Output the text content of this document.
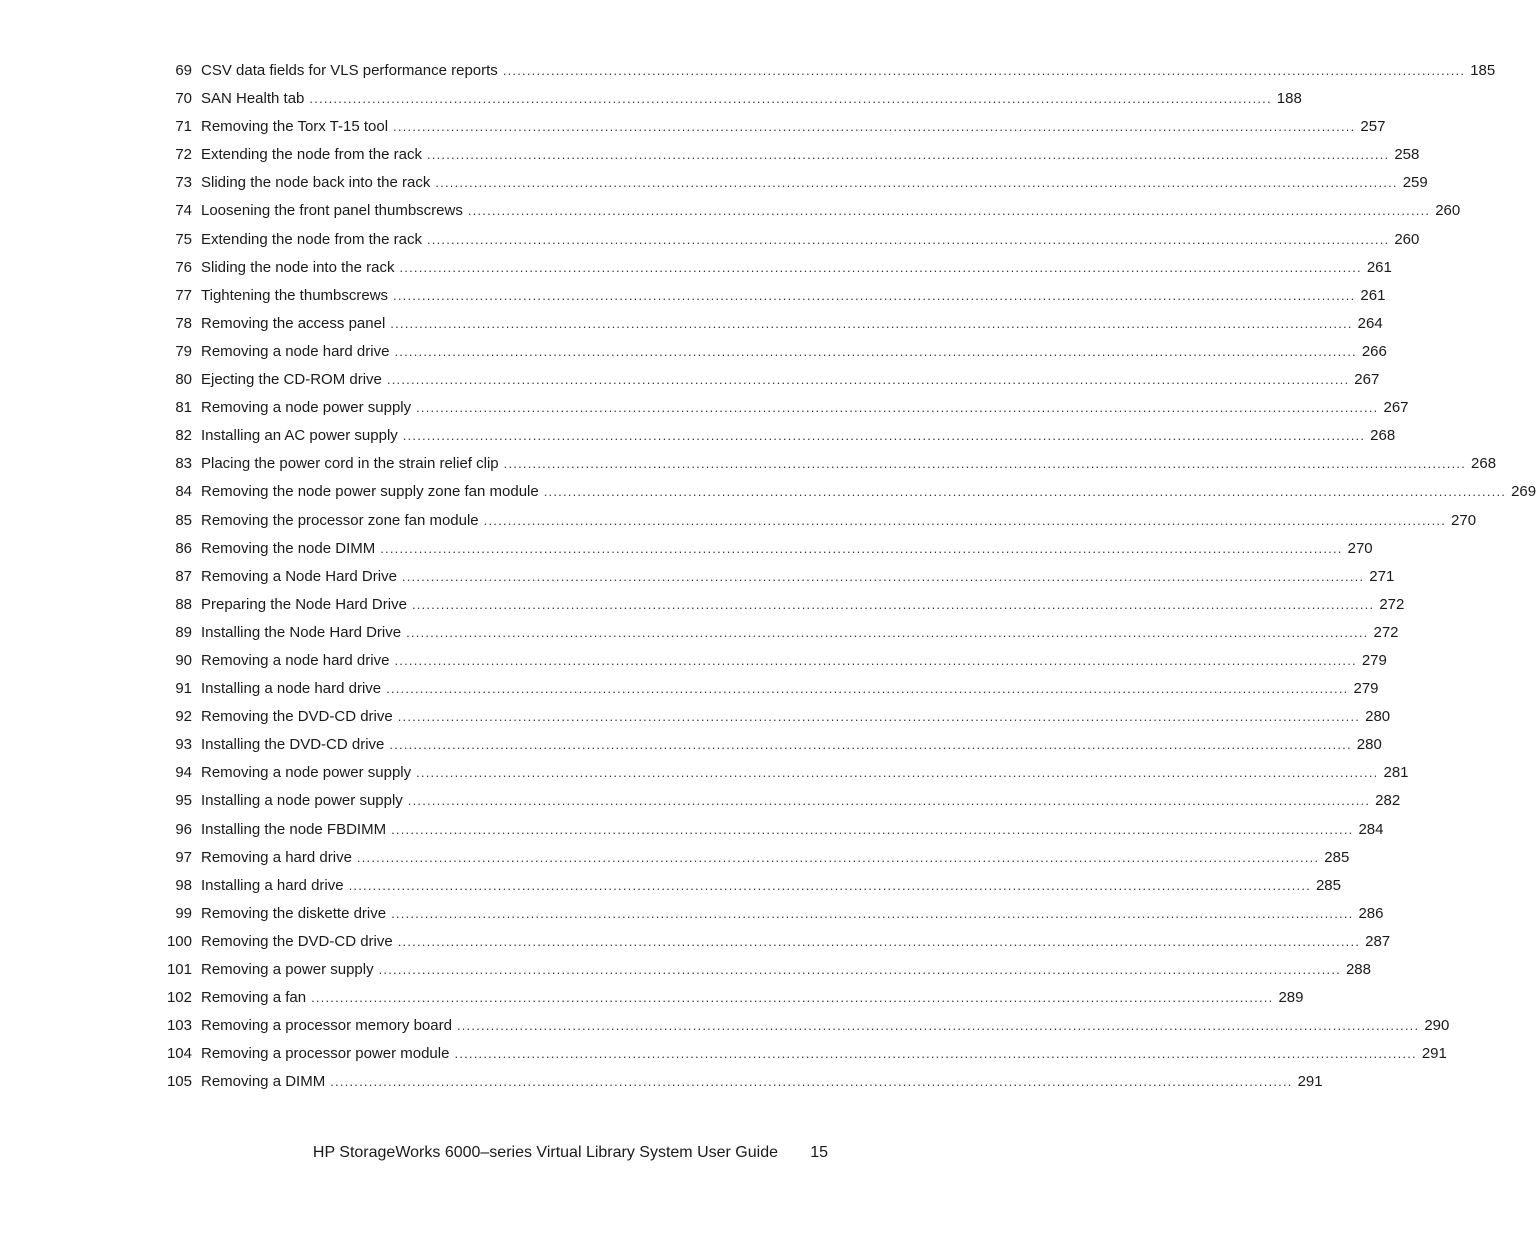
69 CSV data fields for VLS performance reports ........................................................................................................................................................................................................ 185
70 SAN Health tab ........................................................................................................................................................................................................ 188
71 Removing the Torx T-15 tool ........................................................................................................................................................................................................ 257
72 Extending the node from the rack ........................................................................................................................................................................................................ 258
73 Sliding the node back into the rack ........................................................................................................................................................................................................ 259
74 Loosening the front panel thumbscrews ........................................................................................................................................................................................................ 260
75 Extending the node from the rack ........................................................................................................................................................................................................ 260
76 Sliding the node into the rack ........................................................................................................................................................................................................ 261
77 Tightening the thumbscrews ........................................................................................................................................................................................................ 261
78 Removing the access panel ........................................................................................................................................................................................................ 264
79 Removing a node hard drive ........................................................................................................................................................................................................ 266
80 Ejecting the CD-ROM drive ........................................................................................................................................................................................................ 267
81 Removing a node power supply ........................................................................................................................................................................................................ 267
82 Installing an AC power supply ........................................................................................................................................................................................................ 268
83 Placing the power cord in the strain relief clip ........................................................................................................................................................................................................ 268
84 Removing the node power supply zone fan module ........................................................................................................................................................................................................ 269
85 Removing the processor zone fan module ........................................................................................................................................................................................................ 270
86 Removing the node DIMM ........................................................................................................................................................................................................ 270
87 Removing a Node Hard Drive ........................................................................................................................................................................................................ 271
88 Preparing the Node Hard Drive ........................................................................................................................................................................................................ 272
89 Installing the Node Hard Drive ........................................................................................................................................................................................................ 272
90 Removing a node hard drive ........................................................................................................................................................................................................ 279
91 Installing a node hard drive ........................................................................................................................................................................................................ 279
92 Removing the DVD-CD drive ........................................................................................................................................................................................................ 280
93 Installing the DVD-CD drive ........................................................................................................................................................................................................ 280
94 Removing a node power supply ........................................................................................................................................................................................................ 281
95 Installing a node power supply ........................................................................................................................................................................................................ 282
96 Installing the node FBDIMM ........................................................................................................................................................................................................ 284
97 Removing a hard drive ........................................................................................................................................................................................................ 285
98 Installing a hard drive ........................................................................................................................................................................................................ 285
99 Removing the diskette drive ........................................................................................................................................................................................................ 286
100 Removing the DVD-CD drive ........................................................................................................................................................................................................ 287
101 Removing a power supply ........................................................................................................................................................................................................ 288
102 Removing a fan ........................................................................................................................................................................................................ 289
103 Removing a processor memory board ........................................................................................................................................................................................................ 290
104 Removing a processor power module ........................................................................................................................................................................................................ 291
105 Removing a DIMM ........................................................................................................................................................................................................ 291
HP StorageWorks 6000–series Virtual Library System User Guide	15
